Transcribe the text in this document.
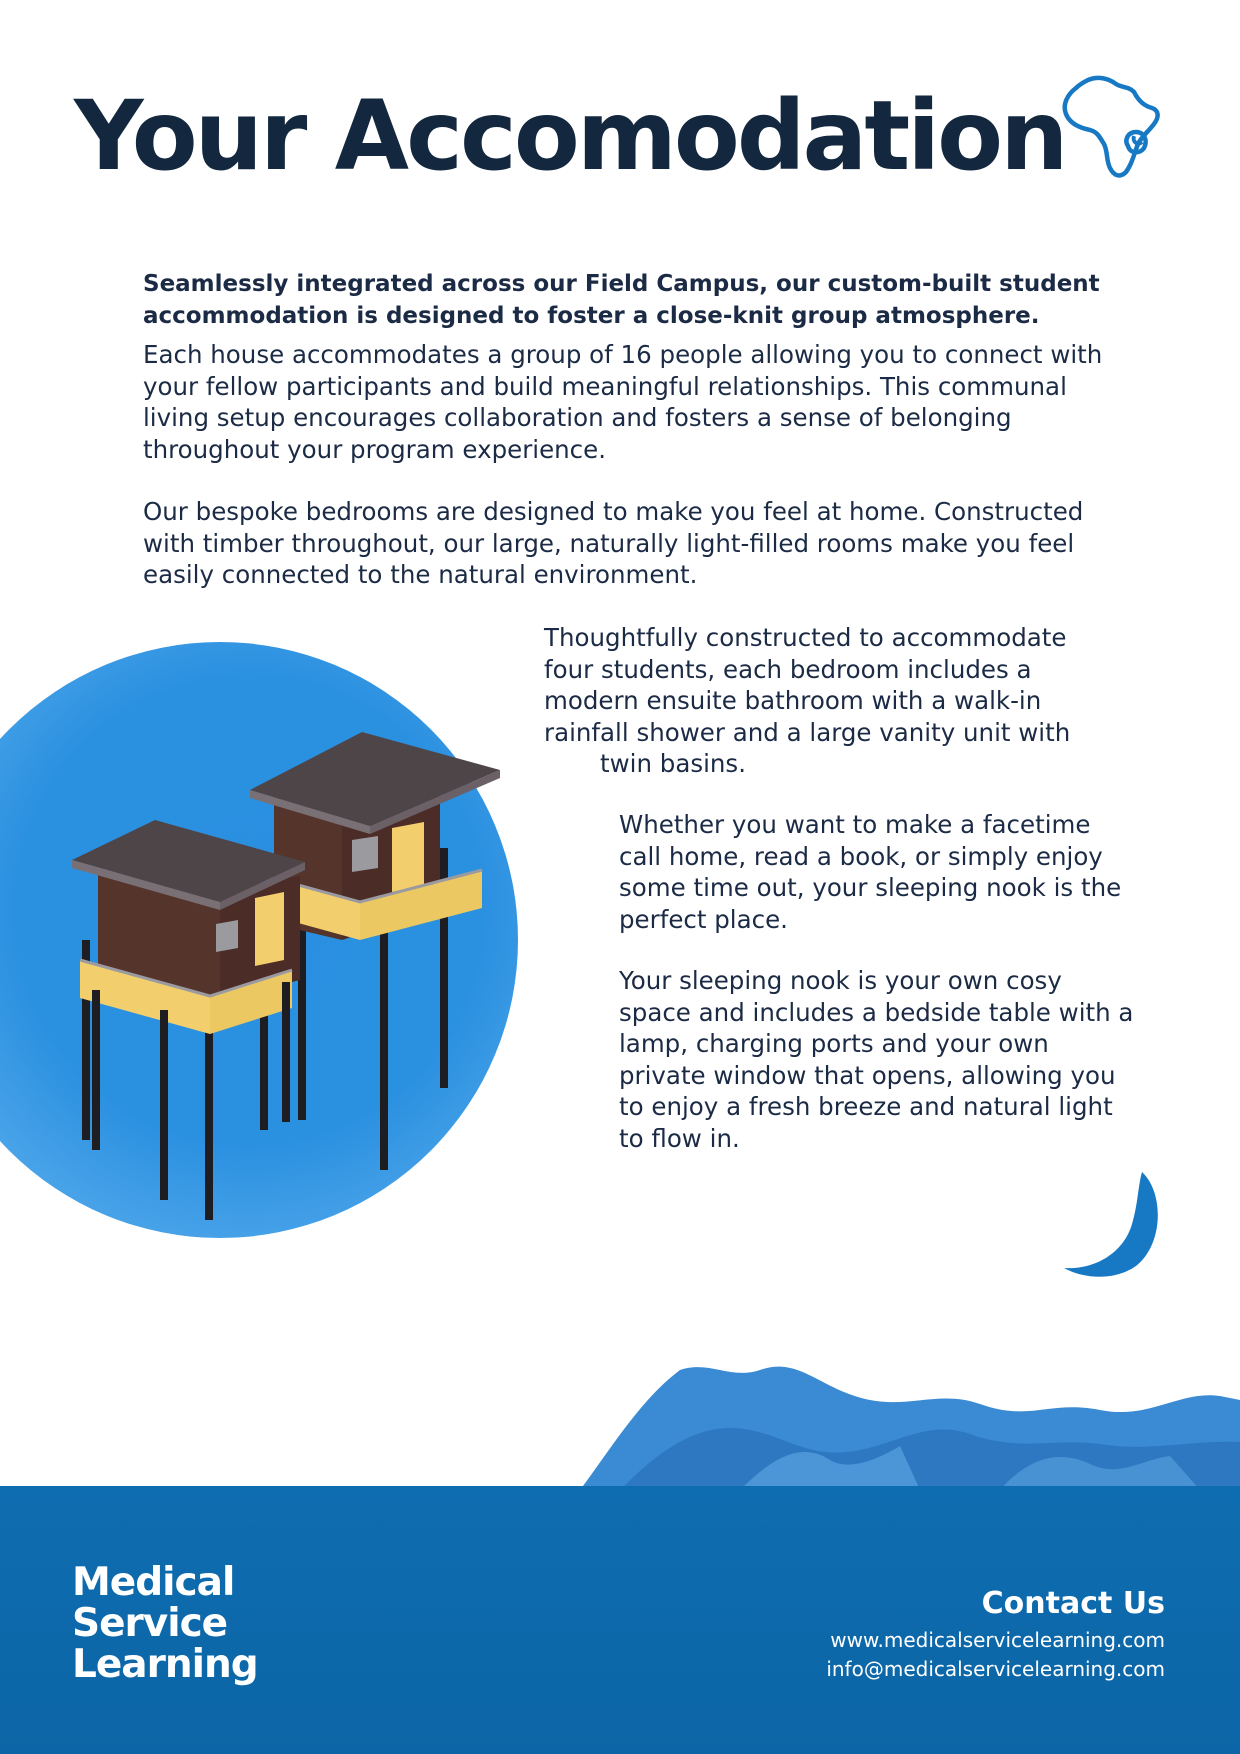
Your Accomodation

Seamlessly integrated across our Field Campus, our custom-built student accommodation is designed to foster a close-knit group atmosphere.

Each house accommodates a group of 16 people allowing you to connect with your fellow participants and build meaningful relationships. This communal living setup encourages collaboration and fosters a sense of belonging throughout your program experience.

Our bespoke bedrooms are designed to make you feel at home. Constructed with timber throughout, our large, naturally light-filled rooms make you feel easily connected to the natural environment.

Thoughtfully constructed to accommodate four students, each bedroom includes a modern ensuite bathroom with a walk-in rainfall shower and a large vanity unit with
twin basins.

Whether you want to make a facetime call home, read a book, or simply enjoy some time out, your sleeping nook is the perfect place.

Your sleeping nook is your own cosy space and includes a bedside table with a lamp, charging ports and your own private window that opens, allowing you to enjoy a fresh breeze and natural light to flow in.

Medical
Service
Learning
Contact Us
www.medicalservicelearning.com
info@medicalservicelearning.com
